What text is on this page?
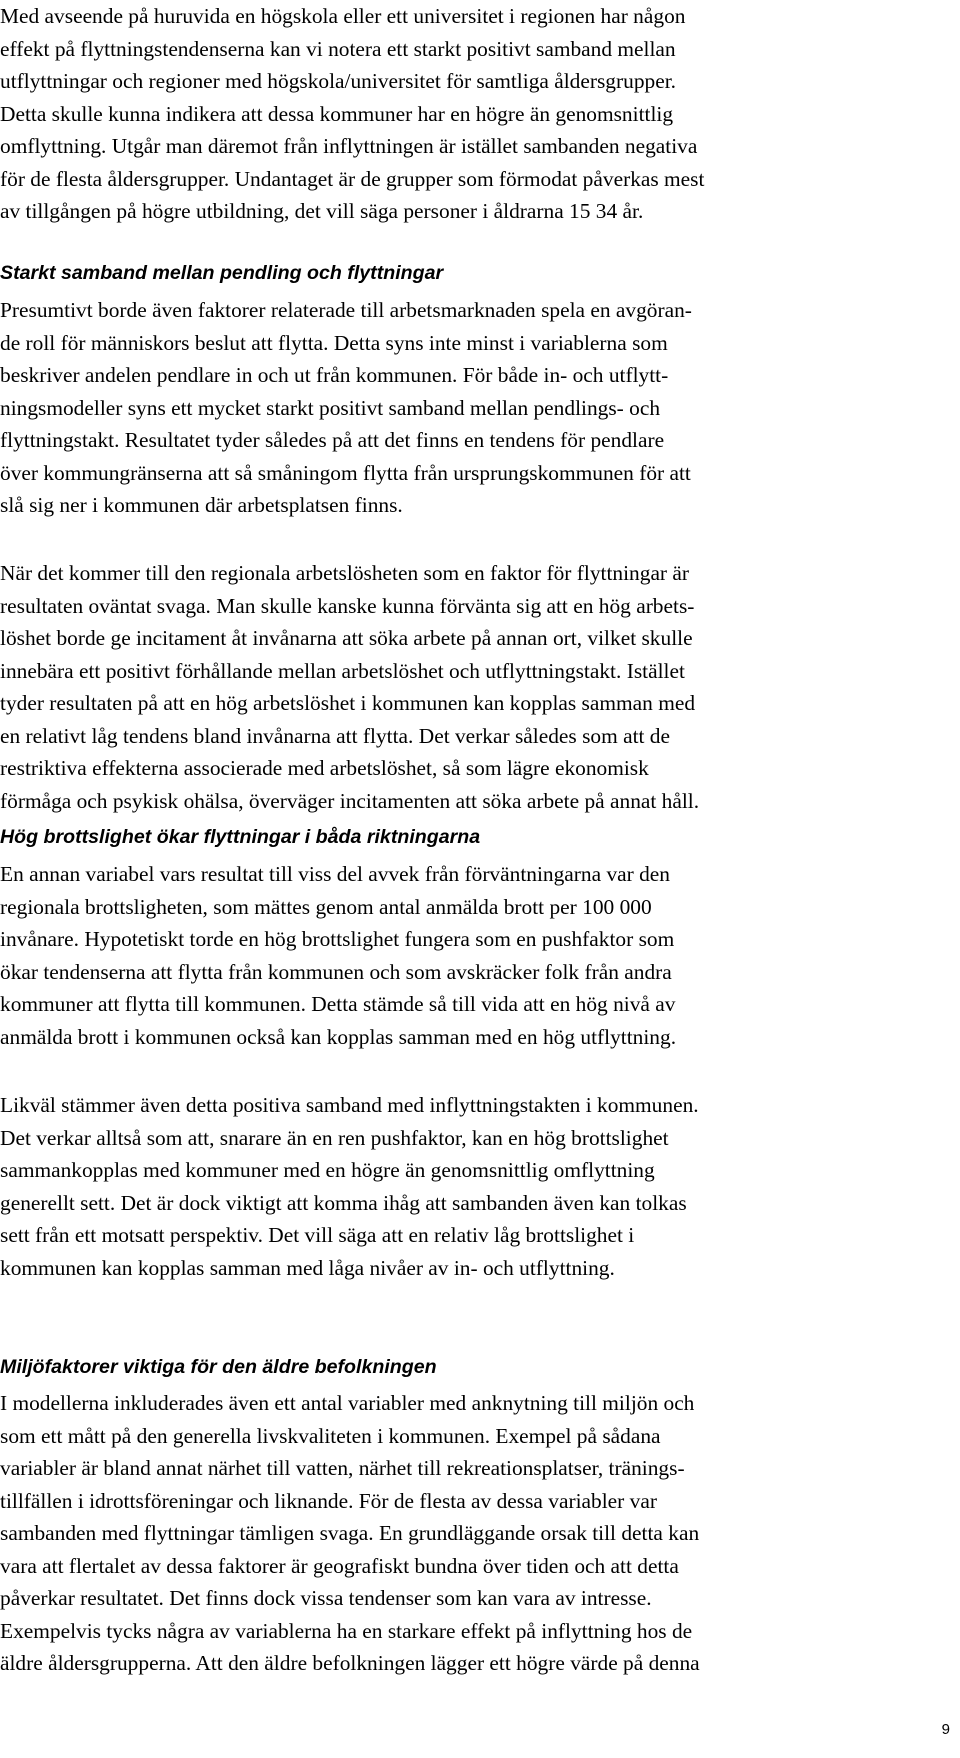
Med avseende på huruvida en högskola eller ett universitet i regionen har någon
effekt på flyttningstendenserna kan vi notera ett starkt positivt samband mellan
utflyttningar och regioner med högskola/universitet för samtliga åldersgrupper.
Detta skulle kunna indikera att dessa kommuner har en högre än genomsnittlig
omflyttning. Utgår man däremot från inflyttningen är istället sambanden negativa
för de flesta åldersgrupper. Undantaget är de grupper som förmodat påverkas mest
av tillgången på högre utbildning, det vill säga personer i åldrarna 15 34 år.
Starkt samband mellan pendling och flyttningar
Presumtivt borde även faktorer relaterade till arbetsmarknaden spela en avgöran-
de roll för människors beslut att flytta. Detta syns inte minst i variablerna som
beskriver andelen pendlare in och ut från kommunen. För både in- och utflytt-
ningsmodeller syns ett mycket starkt positivt samband mellan pendlings- och
flyttningstakt. Resultatet tyder således på att det finns en tendens för pendlare
över kommungränserna att så småningom flytta från ursprungskommunen för att
slå sig ner i kommunen där arbetsplatsen finns.
När det kommer till den regionala arbetslösheten som en faktor för flyttningar är
resultaten oväntat svaga. Man skulle kanske kunna förvänta sig att en hög arbets-
löshet borde ge incitament åt invånarna att söka arbete på annan ort, vilket skulle
innebära ett positivt förhållande mellan arbetslöshet och utflyttningstakt. Istället
tyder resultaten på att en hög arbetslöshet i kommunen kan kopplas samman med
en relativt låg tendens bland invånarna att flytta. Det verkar således som att de
restriktiva effekterna associerade med arbetslöshet, så som lägre ekonomisk
förmåga och psykisk ohälsa, överväger incitamenten att söka arbete på annat håll.
Hög brottslighet ökar flyttningar i båda riktningarna
En annan variabel vars resultat till viss del avvek från förväntningarna var den
regionala brottsligheten, som mättes genom antal anmälda brott per 100 000
invånare. Hypotetiskt torde en hög brottslighet fungera som en pushfaktor som
ökar tendenserna att flytta från kommunen och som avskräcker folk från andra
kommuner att flytta till kommunen. Detta stämde så till vida att en hög nivå av
anmälda brott i kommunen också kan kopplas samman med en hög utflyttning.
Likväl stämmer även detta positiva samband med inflyttningstakten i kommunen.
Det verkar alltså som att, snarare än en ren pushfaktor, kan en hög brottslighet
sammankopplas med kommuner med en högre än genomsnittlig omflyttning
generellt sett. Det är dock viktigt att komma ihåg att sambanden även kan tolkas
sett från ett motsatt perspektiv. Det vill säga att en relativ låg brottslighet i
kommunen kan kopplas samman med låga nivåer av in- och utflyttning.
Miljöfaktorer viktiga för den äldre befolkningen
I modellerna inkluderades även ett antal variabler med anknytning till miljön och
som ett mått på den generella livskvaliteten i kommunen. Exempel på sådana
variabler är bland annat närhet till vatten, närhet till rekreationsplatser, tränings-
tillfällen i idrottsföreningar och liknande. För de flesta av dessa variabler var
sambanden med flyttningar tämligen svaga. En grundläggande orsak till detta kan
vara att flertalet av dessa faktorer är geografiskt bundna över tiden och att detta
påverkar resultatet. Det finns dock vissa tendenser som kan vara av intresse.
Exempelvis tycks några av variablerna ha en starkare effekt på inflyttning hos de
äldre åldersgrupperna. Att den äldre befolkningen lägger ett högre värde på denna
9
